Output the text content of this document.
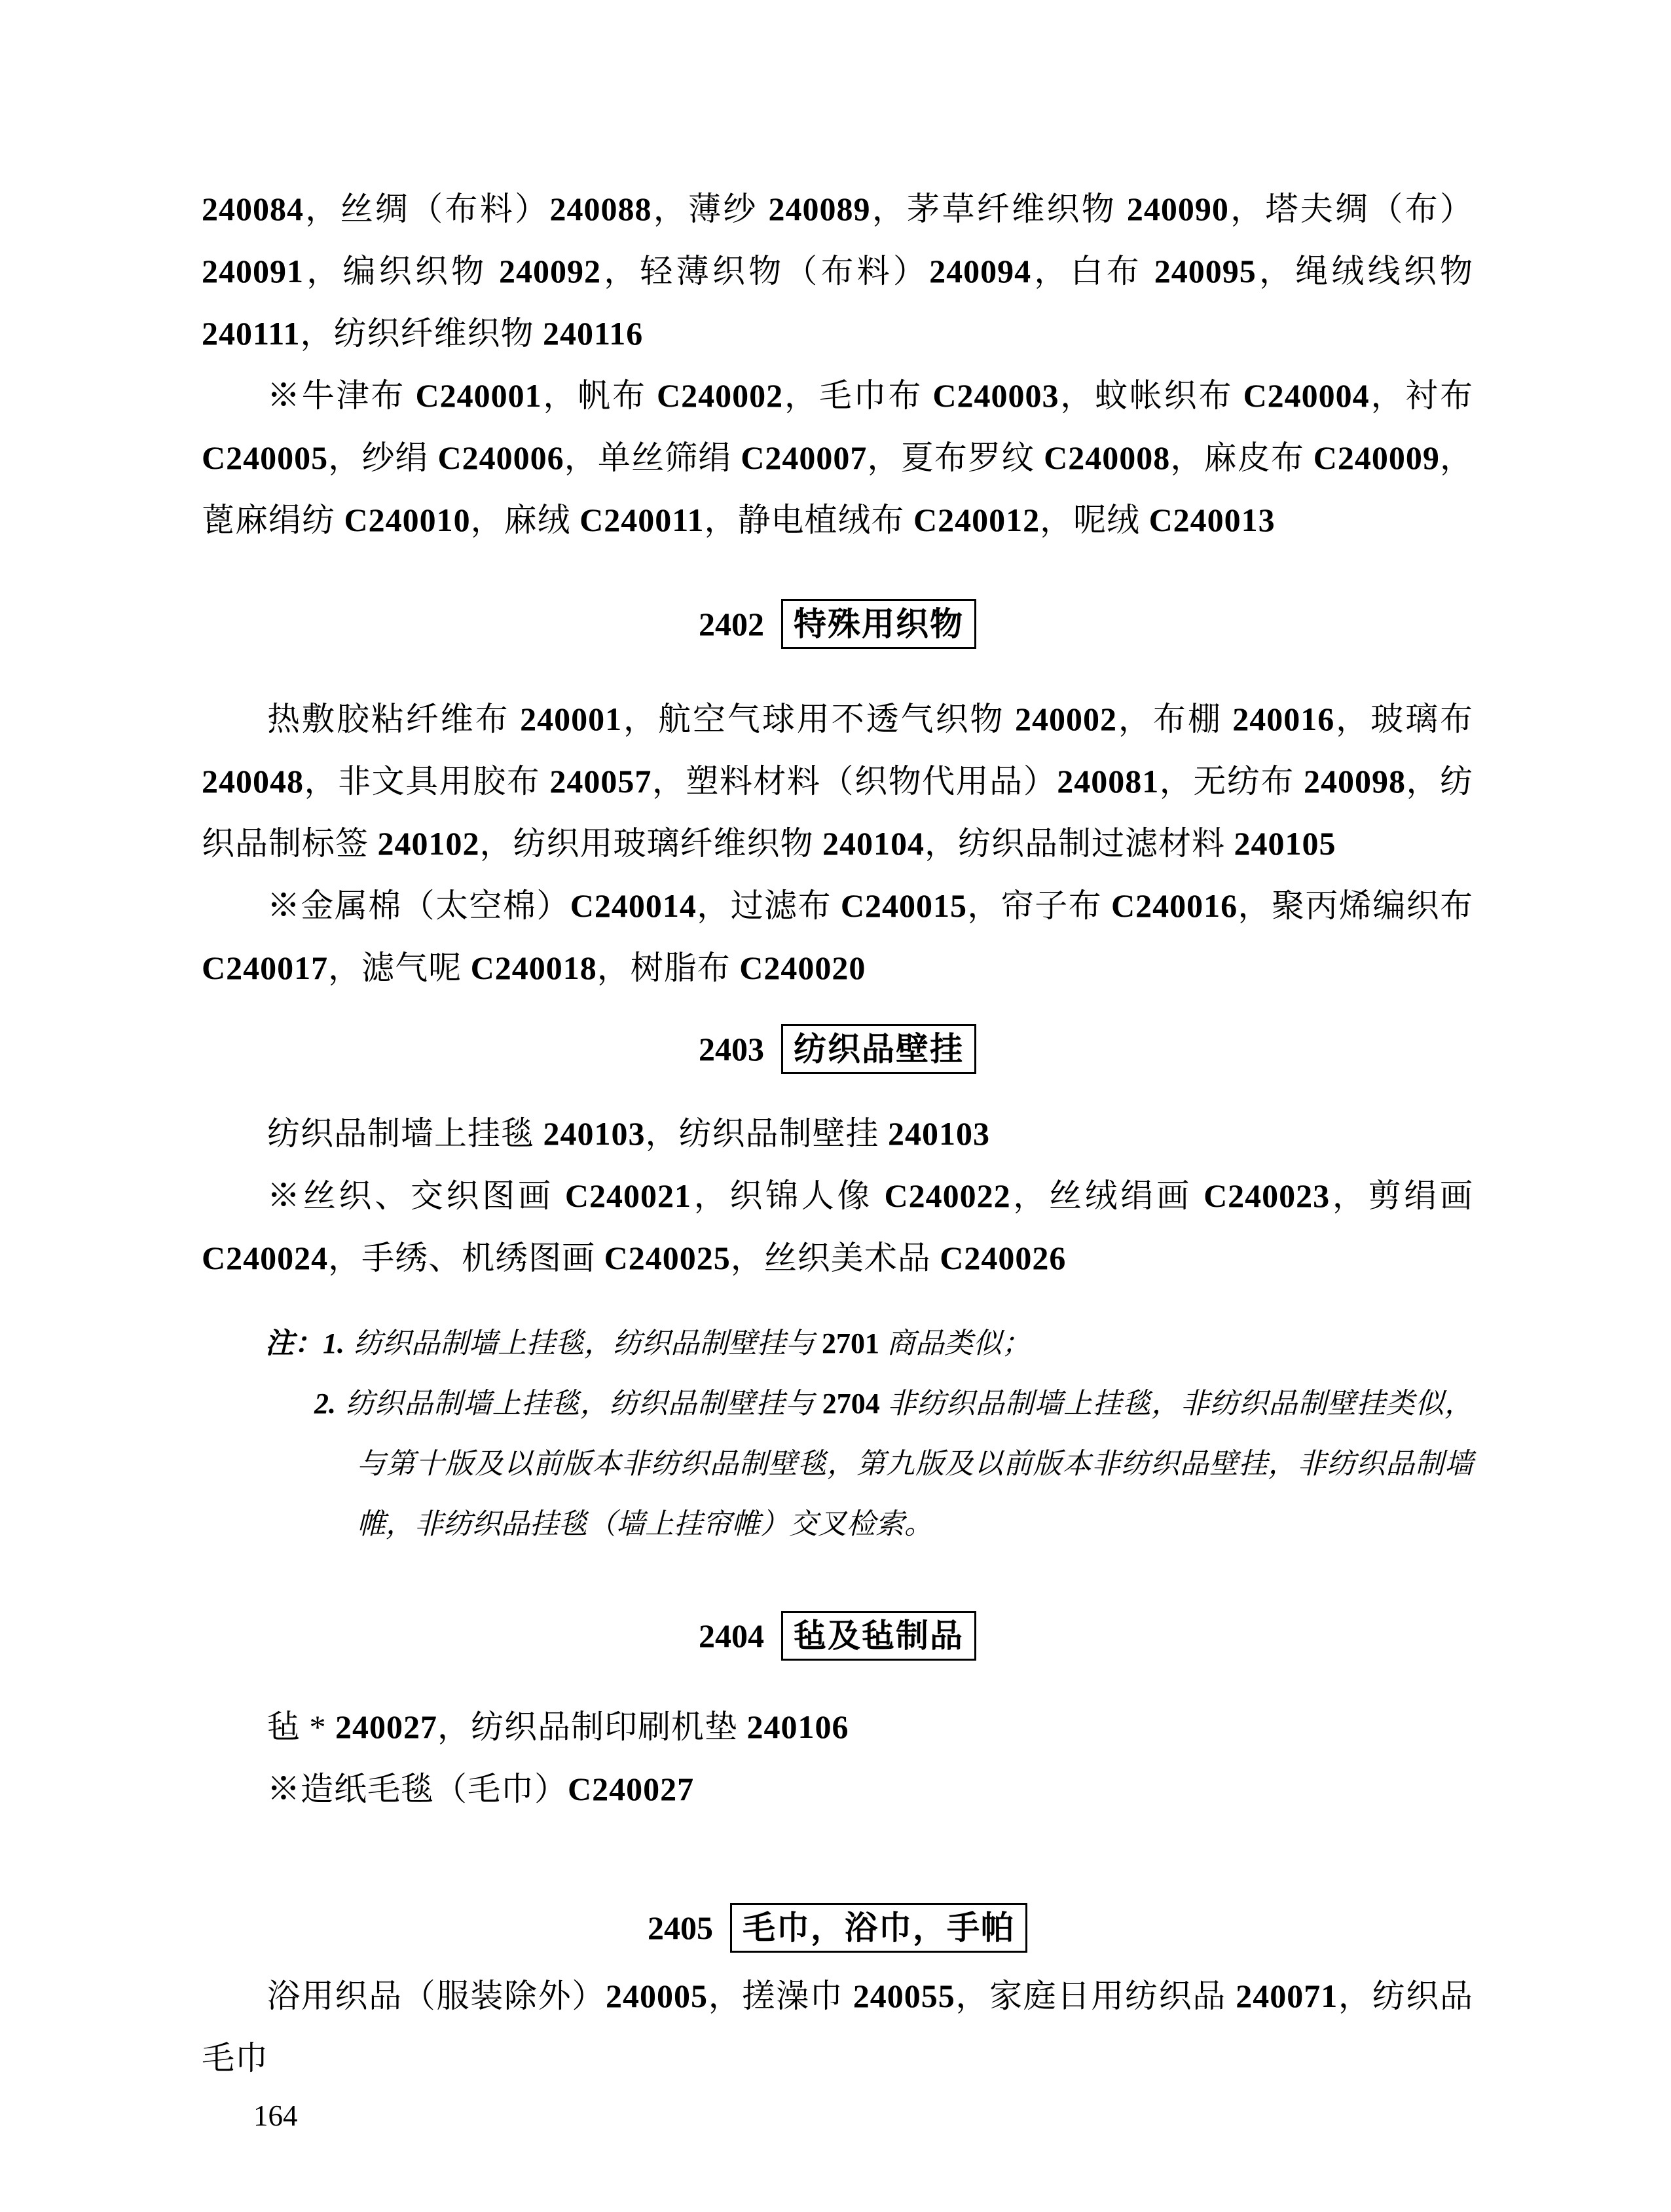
240084，丝绸（布料）240088，薄纱 240089，茅草纤维织物 240090，塔夫绸（布）240091，编织织物 240092，轻薄织物（布料）240094，白布 240095，绳绒线织物 240111，纺织纤维织物 240116

※牛津布 C240001，帆布 C240002，毛巾布 C240003，蚊帐织布 C240004，衬布 C240005，纱绢 C240006，单丝筛绢 C240007，夏布罗纹 C240008，麻皮布 C240009，蓖麻绢纺 C240010，麻绒 C240011，静电植绒布 C240012，呢绒 C240013

2402 特殊用织物

热敷胶粘纤维布 240001，航空气球用不透气织物 240002，布棚 240016，玻璃布 240048，非文具用胶布 240057，塑料材料（织物代用品）240081，无纺布 240098，纺织品制标签 240102，纺织用玻璃纤维织物 240104，纺织品制过滤材料 240105

※金属棉（太空棉）C240014，过滤布 C240015，帘子布 C240016，聚丙烯编织布 C240017，滤气呢 C240018，树脂布 C240020

2403 纺织品壁挂

纺织品制墙上挂毯 240103，纺织品制壁挂 240103

※丝织、交织图画 C240021，织锦人像 C240022，丝绒绢画 C240023，剪绢画 C240024，手绣、机绣图画 C240025，丝织美术品 C240026

注：1. 纺织品制墙上挂毯，纺织品制壁挂与 2701 商品类似；
2. 纺织品制墙上挂毯，纺织品制壁挂与 2704 非纺织品制墙上挂毯，非纺织品制壁挂类似，与第十版及以前版本非纺织品制壁毯，第九版及以前版本非纺织品壁挂，非纺织品制墙帷，非纺织品挂毯（墙上挂帘帷）交叉检索。
2404 毡及毡制品

毡 * 240027，纺织品制印刷机垫 240106

※造纸毛毯（毛巾）C240027

2405 毛巾，浴巾，手帕

浴用织品（服装除外）240005，搓澡巾 240055，家庭日用纺织品 240071，纺织品毛巾

164
